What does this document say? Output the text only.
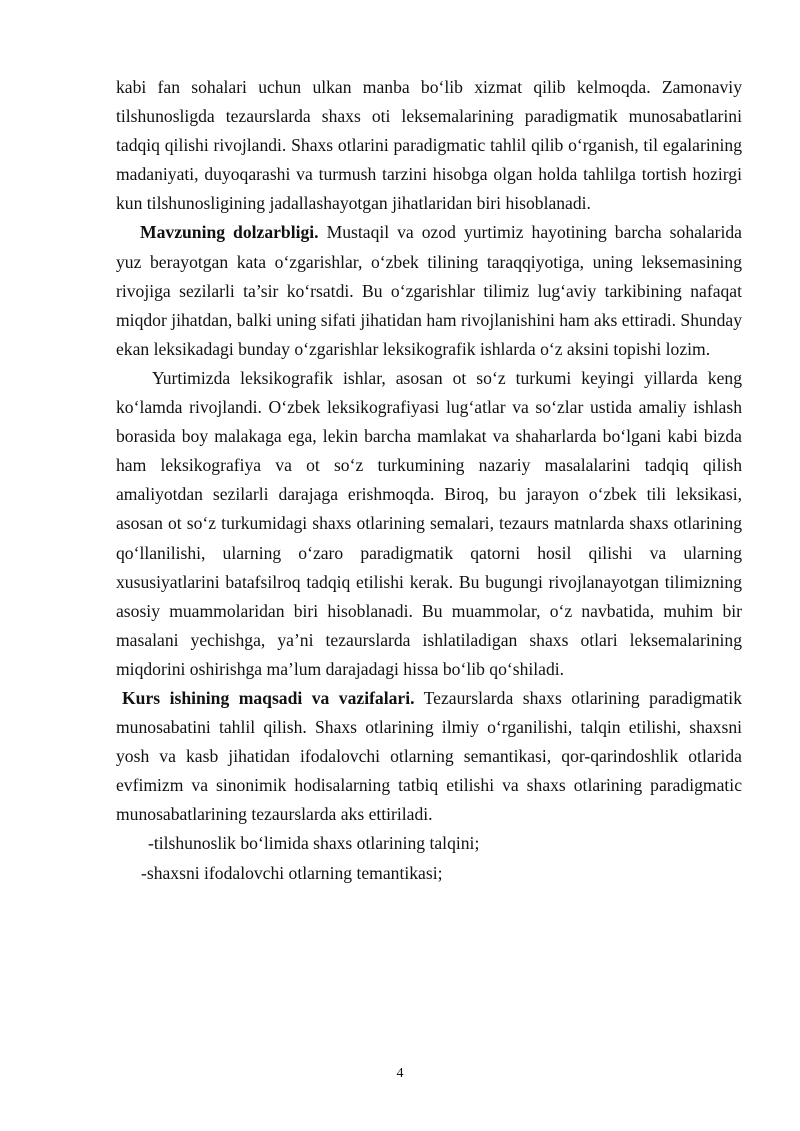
kabi fan sohalari uchun ulkan manba bo‘lib xizmat qilib kelmoqda. Zamonaviy tilshunosligda tezaurslarda shaxs oti leksemalarining paradigmatik munosabatlarini tadqiq qilishi rivojlandi. Shaxs otlarini paradigmatic tahlil qilib o‘rganish, til egalarining madaniyati, duyoqarashi va turmush tarzini hisobga olgan holda tahlilga tortish hozirgi kun tilshunosligining jadallashayotgan jihatlaridan biri hisoblanadi.

Mavzuning dolzarbligi. Mustaqil va ozod yurtimiz hayotining barcha sohalarida yuz berayotgan kata o‘zgarishlar, o‘zbek tilining taraqqiyotiga, uning leksemasining rivojiga sezilarli ta’sir ko‘rsatdi. Bu o‘zgarishlar tilimiz lug‘aviy tarkibining nafaqat miqdor jihatdan, balki uning sifati jihatidan ham rivojlanishini ham aks ettiradi. Shunday ekan leksikadagi bunday o‘zgarishlar leksikografik ishlarda o‘z aksini topishi lozim.

Yurtimizda leksikografik ishlar, asosan ot so‘z turkumi keyingi yillarda keng ko‘lamda rivojlandi. O‘zbek leksikografiyasi lug‘atlar va so‘zlar ustida amaliy ishlash borasida boy malakaga ega, lekin barcha mamlakat va shaharlarda bo‘lgani kabi bizda ham leksikografiya va ot so‘z turkumining nazariy masalalarini tadqiq qilish amaliyotdan sezilarli darajaga erishmoqda. Biroq, bu jarayon o‘zbek tili leksikasi, asosan ot so‘z turkumidagi shaxs otlarining semalari, tezaurs matnlarda shaxs otlarining qo‘llanilishi, ularning o‘zaro paradigmatik qatorni hosil qilishi va ularning xususiyatlarini batafsilroq tadqiq etilishi kerak. Bu bugungi rivojlanayotgan tilimizning asosiy muammolaridan biri hisoblanadi. Bu muammolar, o‘z navbatida, muhim bir masalani yechishga, ya’ni tezaurslarda ishlatiladigan shaxs otlari leksemalarining miqdorini oshirishga ma’lum darajadagi hissa bo‘lib qo‘shiladi.

Kurs ishining maqsadi va vazifalari. Tezaurslarda shaxs otlarining paradigmatik munosabatini tahlil qilish. Shaxs otlarining ilmiy o‘rganilishi, talqin etilishi, shaxsni yosh va kasb jihatidan ifodalovchi otlarning semantikasi, qor-qarindoshlik otlarida evfimizm va sinonimik hodisalarning tatbiq etilishi va shaxs otlarining paradigmatic munosabatlarining tezaurslarda aks ettiriladi.

-tilshunoslik bo‘limida shaxs otlarining talqini;

-shaxsni ifodalovchi otlarning temantikasi;

4
